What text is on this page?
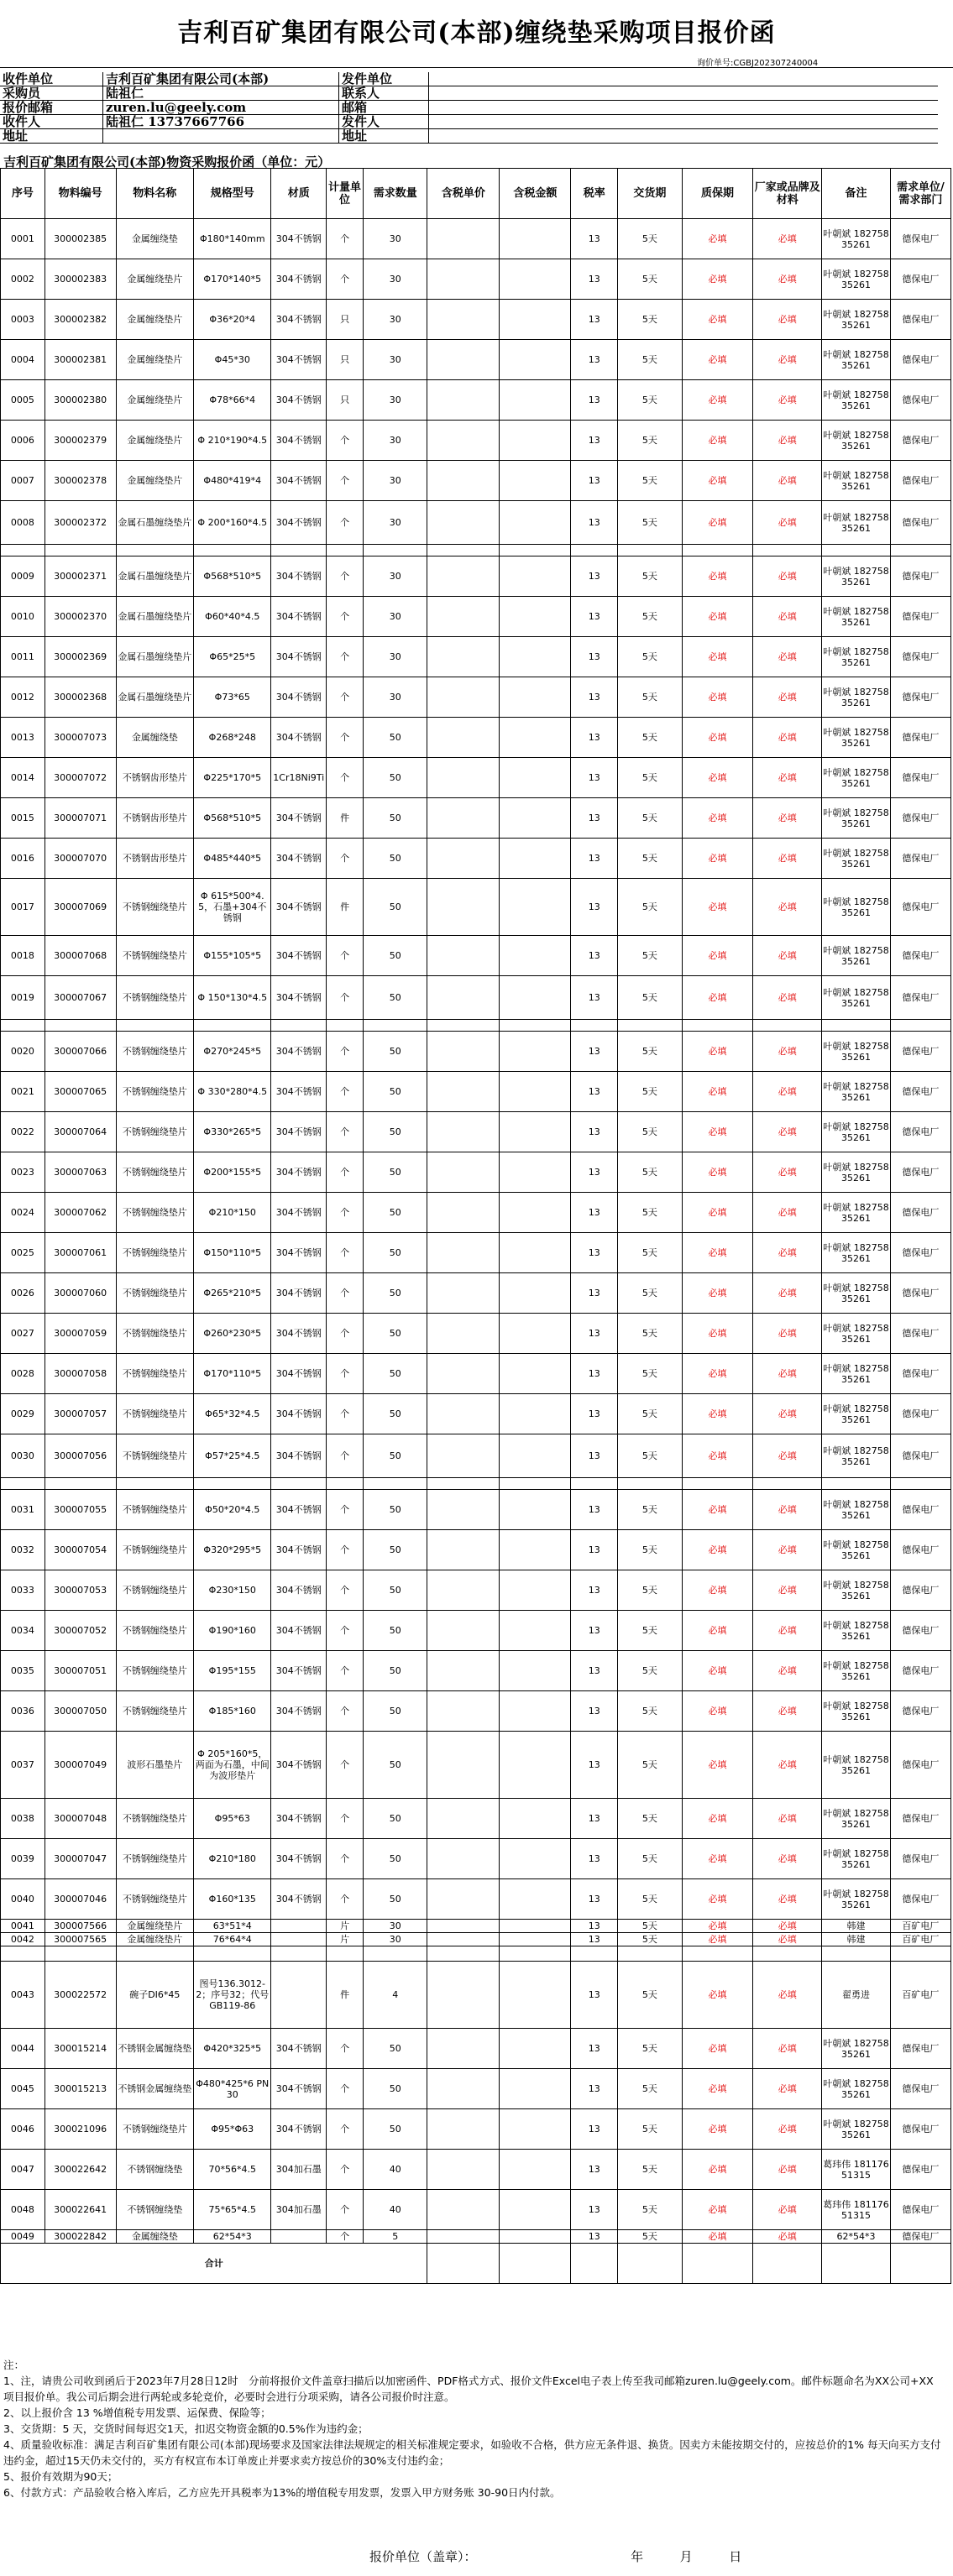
吉利百矿集团有限公司(本部)缠绕垫采购项目报价函
询价单号:CGBJ202307240004
收件单位	吉利百矿集团有限公司(本部)	发件单位	
采购员	陆祖仁	联系人	
报价邮箱	zuren.lu@geely.com	邮箱	
收件人	陆祖仁 13737667766	发件人	
地址		地址	
吉利百矿集团有限公司(本部)物资采购报价函（单位：元）
序号	物料编号	物料名称	规格型号	材质	计量单位	需求数量	含税单价	含税金额	税率	交货期	质保期	厂家或品牌及材料	备注	需求单位/需求部门
0001	300002385	金属缠绕垫	Φ180*140mm	304不锈钢	个	30			13	5天	必填	必填	叶朝斌 18275835261	德保电厂
0002	300002383	金属缠绕垫片	Φ170*140*5	304不锈钢	个	30			13	5天	必填	必填	叶朝斌 18275835261	德保电厂
0003	300002382	金属缠绕垫片	Φ36*20*4	304不锈钢	只	30			13	5天	必填	必填	叶朝斌 18275835261	德保电厂
0004	300002381	金属缠绕垫片	Φ45*30	304不锈钢	只	30			13	5天	必填	必填	叶朝斌 18275835261	德保电厂
0005	300002380	金属缠绕垫片	Φ78*66*4	304不锈钢	只	30			13	5天	必填	必填	叶朝斌 18275835261	德保电厂
0006	300002379	金属缠绕垫片	Φ 210*190*4.5	304不锈钢	个	30			13	5天	必填	必填	叶朝斌 18275835261	德保电厂
0007	300002378	金属缠绕垫片	Φ480*419*4	304不锈钢	个	30			13	5天	必填	必填	叶朝斌 18275835261	德保电厂
0008	300002372	金属石墨缠绕垫片	Φ 200*160*4.5	304不锈钢	个	30			13	5天	必填	必填	叶朝斌 18275835261	德保电厂

0009	300002371	金属石墨缠绕垫片	Φ568*510*5	304不锈钢	个	30			13	5天	必填	必填	叶朝斌 18275835261	德保电厂
0010	300002370	金属石墨缠绕垫片	Φ60*40*4.5	304不锈钢	个	30			13	5天	必填	必填	叶朝斌 18275835261	德保电厂
0011	300002369	金属石墨缠绕垫片	Φ65*25*5	304不锈钢	个	30			13	5天	必填	必填	叶朝斌 18275835261	德保电厂
0012	300002368	金属石墨缠绕垫片	Φ73*65	304不锈钢	个	30			13	5天	必填	必填	叶朝斌 18275835261	德保电厂
0013	300007073	金属缠绕垫	Φ268*248	304不锈钢	个	50			13	5天	必填	必填	叶朝斌 18275835261	德保电厂
0014	300007072	不锈钢齿形垫片	Φ225*170*5	1Cr18Ni9Ti	个	50			13	5天	必填	必填	叶朝斌 18275835261	德保电厂
0015	300007071	不锈钢齿形垫片	Φ568*510*5	304不锈钢	件	50			13	5天	必填	必填	叶朝斌 18275835261	德保电厂
0016	300007070	不锈钢齿形垫片	Φ485*440*5	304不锈钢	个	50			13	5天	必填	必填	叶朝斌 18275835261	德保电厂
0017	300007069	不锈钢缠绕垫片	Φ 615*500*4.5，石墨+304不锈钢	304不锈钢	件	50			13	5天	必填	必填	叶朝斌 18275835261	德保电厂
0018	300007068	不锈钢缠绕垫片	Φ155*105*5	304不锈钢	个	50			13	5天	必填	必填	叶朝斌 18275835261	德保电厂
0019	300007067	不锈钢缠绕垫片	Φ 150*130*4.5	304不锈钢	个	50			13	5天	必填	必填	叶朝斌 18275835261	德保电厂

0020	300007066	不锈钢缠绕垫片	Φ270*245*5	304不锈钢	个	50			13	5天	必填	必填	叶朝斌 18275835261	德保电厂
0021	300007065	不锈钢缠绕垫片	Φ 330*280*4.5	304不锈钢	个	50			13	5天	必填	必填	叶朝斌 18275835261	德保电厂
0022	300007064	不锈钢缠绕垫片	Φ330*265*5	304不锈钢	个	50			13	5天	必填	必填	叶朝斌 18275835261	德保电厂
0023	300007063	不锈钢缠绕垫片	Φ200*155*5	304不锈钢	个	50			13	5天	必填	必填	叶朝斌 18275835261	德保电厂
0024	300007062	不锈钢缠绕垫片	Φ210*150	304不锈钢	个	50			13	5天	必填	必填	叶朝斌 18275835261	德保电厂
0025	300007061	不锈钢缠绕垫片	Φ150*110*5	304不锈钢	个	50			13	5天	必填	必填	叶朝斌 18275835261	德保电厂
0026	300007060	不锈钢缠绕垫片	Φ265*210*5	304不锈钢	个	50			13	5天	必填	必填	叶朝斌 18275835261	德保电厂
0027	300007059	不锈钢缠绕垫片	Φ260*230*5	304不锈钢	个	50			13	5天	必填	必填	叶朝斌 18275835261	德保电厂
0028	300007058	不锈钢缠绕垫片	Φ170*110*5	304不锈钢	个	50			13	5天	必填	必填	叶朝斌 18275835261	德保电厂
0029	300007057	不锈钢缠绕垫片	Φ65*32*4.5	304不锈钢	个	50			13	5天	必填	必填	叶朝斌 18275835261	德保电厂
0030	300007056	不锈钢缠绕垫片	Φ57*25*4.5	304不锈钢	个	50			13	5天	必填	必填	叶朝斌 18275835261	德保电厂

0031	300007055	不锈钢缠绕垫片	Φ50*20*4.5	304不锈钢	个	50			13	5天	必填	必填	叶朝斌 18275835261	德保电厂
0032	300007054	不锈钢缠绕垫片	Φ320*295*5	304不锈钢	个	50			13	5天	必填	必填	叶朝斌 18275835261	德保电厂
0033	300007053	不锈钢缠绕垫片	Φ230*150	304不锈钢	个	50			13	5天	必填	必填	叶朝斌 18275835261	德保电厂
0034	300007052	不锈钢缠绕垫片	Φ190*160	304不锈钢	个	50			13	5天	必填	必填	叶朝斌 18275835261	德保电厂
0035	300007051	不锈钢缠绕垫片	Φ195*155	304不锈钢	个	50			13	5天	必填	必填	叶朝斌 18275835261	德保电厂
0036	300007050	不锈钢缠绕垫片	Φ185*160	304不锈钢	个	50			13	5天	必填	必填	叶朝斌 18275835261	德保电厂
0037	300007049	波形石墨垫片	Φ 205*160*5，两面为石墨，中间为波形垫片	304不锈钢	个	50			13	5天	必填	必填	叶朝斌 18275835261	德保电厂
0038	300007048	不锈钢缠绕垫片	Φ95*63	304不锈钢	个	50			13	5天	必填	必填	叶朝斌 18275835261	德保电厂
0039	300007047	不锈钢缠绕垫片	Φ210*180	304不锈钢	个	50			13	5天	必填	必填	叶朝斌 18275835261	德保电厂
0040	300007046	不锈钢缠绕垫片	Φ160*135	304不锈钢	个	50			13	5天	必填	必填	叶朝斌 18275835261	德保电厂
0041	300007566	金属缠绕垫片	63*51*4		片	30			13	5天	必填	必填	韩建	百矿电厂
0042	300007565	金属缠绕垫片	76*64*4		片	30			13	5天	必填	必填	韩建	百矿电厂

0043	300022572	碗子DI6*45	图号136.3012-2；序号32；代号GB119-86		件	4			13	5天	必填	必填	翟勇进	百矿电厂
0044	300015214	不锈钢金属缠绕垫	Φ420*325*5	304不锈钢	个	50			13	5天	必填	必填	叶朝斌 18275835261	德保电厂
0045	300015213	不锈钢金属缠绕垫	Φ480*425*6 PN30	304不锈钢	个	50			13	5天	必填	必填	叶朝斌 18275835261	德保电厂
0046	300021096	不锈钢缠绕垫片	Φ95*Φ63	304不锈钢	个	50			13	5天	必填	必填	叶朝斌 18275835261	德保电厂
0047	300022642	不锈钢缠绕垫	70*56*4.5	304加石墨	个	40			13	5天	必填	必填	葛玮伟 18117651315	德保电厂
0048	300022641	不锈钢缠绕垫	75*65*4.5	304加石墨	个	40			13	5天	必填	必填	葛玮伟 18117651315	德保电厂
0049	300022842	金属缠绕垫	62*54*3		个	5			13	5天	必填	必填	62*54*3	德保电厂
合计														
注：
1、注，请贵公司收到函后于2023年7月28日12时　分前将报价文件盖章扫描后以加密函件、PDF格式方式、报价文件Excel电子表上传至我司邮箱zuren.lu@geely.com。邮件标题命名为XX公司+XX项目报价单。我公司后期会进行两轮或多轮竞价，必要时会进行分项采购，请各公司报价时注意。
2、以上报价含 13 %增值税专用发票、运保费、保险等；
3、交货期：5 天，交货时间每迟交1天，扣迟交物资金额的0.5%作为违约金；
4、质量验收标准：满足吉利百矿集团有限公司(本部)现场要求及国家法律法规规定的相关标准规定要求，如验收不合格，供方应无条件退、换货。因卖方未能按期交付的，应按总价的1% 每天向买方支付违约金，超过15天仍未交付的，买方有权宣布本订单废止并要求卖方按总价的30%支付违约金；
5、报价有效期为90天；
6、付款方式：产品验收合格入库后，乙方应先开具税率为13%的增值税专用发票，发票入甲方财务账 30-90日内付款。
报价单位（盖章）：	年	月	日
